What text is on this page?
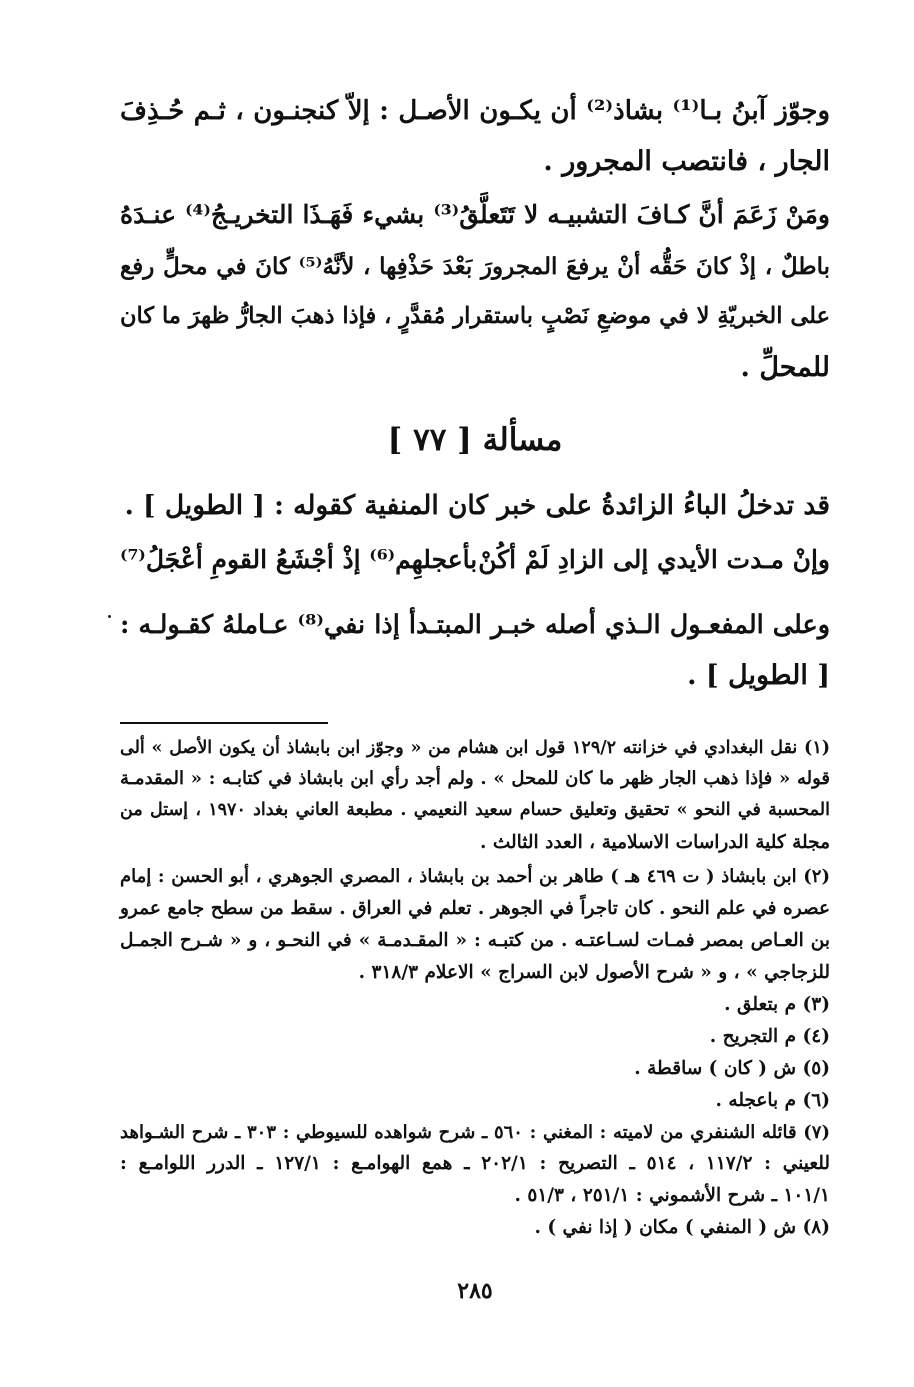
وجوّز آبنُ بـا⁽¹⁾ بشاذ⁽²⁾ أن يكـون الأصـل : إلاّ كنجنـون ، ثـم حُـذِفَ
الجار ، فانتصب المجرور .
ومَنْ زَعَمَ أنَّ كـافَ التشبيـه لا تَتَعلَّقُ⁽³⁾ بشيء فَهَـذَا التخريـجُ⁽⁴⁾ عنـدَهُ
باطلٌ ، إذْ كانَ حَقُّه أنْ يرفعَ المجرورَ بَعْدَ حَذْفِها ، لأنَّهُ⁽⁵⁾ كانَ في محلٍّ رفع
على الخبريّةِ لا في موضعِ نَصْبٍ باستقرار مُقدَّرٍ ، فإذا ذهبَ الجارُّ ظهرَ ما كان
للمحلِّ .
مسألة [ ٧٧ ]
قد تدخلُ الباءُ الزائدةُ على خبر كان المنفية كقوله : [ الطويل ] .
وإنْ مـدت الأيدي إلى الزادِ لَمْ أكُنْ
بأعجلهِم⁽⁶⁾ إذْ أجْشَعُ القومِ أعْجَلُ⁽⁷⁾
وعلى المفعـول الـذي أصله خبـر المبتـدأ إذا نفي⁽⁸⁾ عـاملهُ كقـولـه :
[ الطويل ] .
(١) نقل البغدادي في خزانته ١٢٩/٢ قول ابن هشام من « وجوّز ابن بابشاذ أن يكون الأصل » ألى
قوله « فإذا ذهب الجار ظهر ما كان للمحل » . ولم أجد رأي ابن بابشاذ في كتابـه : « المقدمـة
المحسبة في النحو » تحقيق وتعليق حسام سعيد النعيمي . مطبعة العاني بغداد ١٩٧٠ ، إستل من
مجلة كلية الدراسات الاسلامية ، العدد الثالث .
(٢) ابن بابشاذ ( ت ٤٦٩ هـ ) طاهر بن أحمد بن بابشاذ ، المصري الجوهري ، أبو الحسن : إمام
عصره في علم النحو . كان تاجراً في الجوهر . تعلم في العراق . سقط من سطح جامع عمرو
بن العـاص بمصر فمـات لسـاعتـه . من كتبـه : « المقـدمـة » في النحـو ، و « شـرح الجمـل
للزجاجي » ، و « شرح الأصول لابن السراج » الاعلام ٣١٨/٣ .
(٣) م بتعلق .
(٤) م التجريح .
(٥) ش ( كان ) ساقطة .
(٦) م باعجله .
(٧) قائله الشنفري من لاميته : المغني : ٥٦٠ ـ شرح شواهده للسيوطي : ٣٠٣ ـ شرح الشـواهد
للعيني : ١١٧/٢ ، ٥١٤ ـ التصريح : ٢٠٢/١ ـ همع الهوامـع : ١٢٧/١ ـ الدرر اللوامـع :
١٠١/١ ـ شرح الأشموني : ٢٥١/١ ، ٥١/٣ .
(٨) ش ( المنفي ) مكان ( إذا نفي ) .
٢٨٥
